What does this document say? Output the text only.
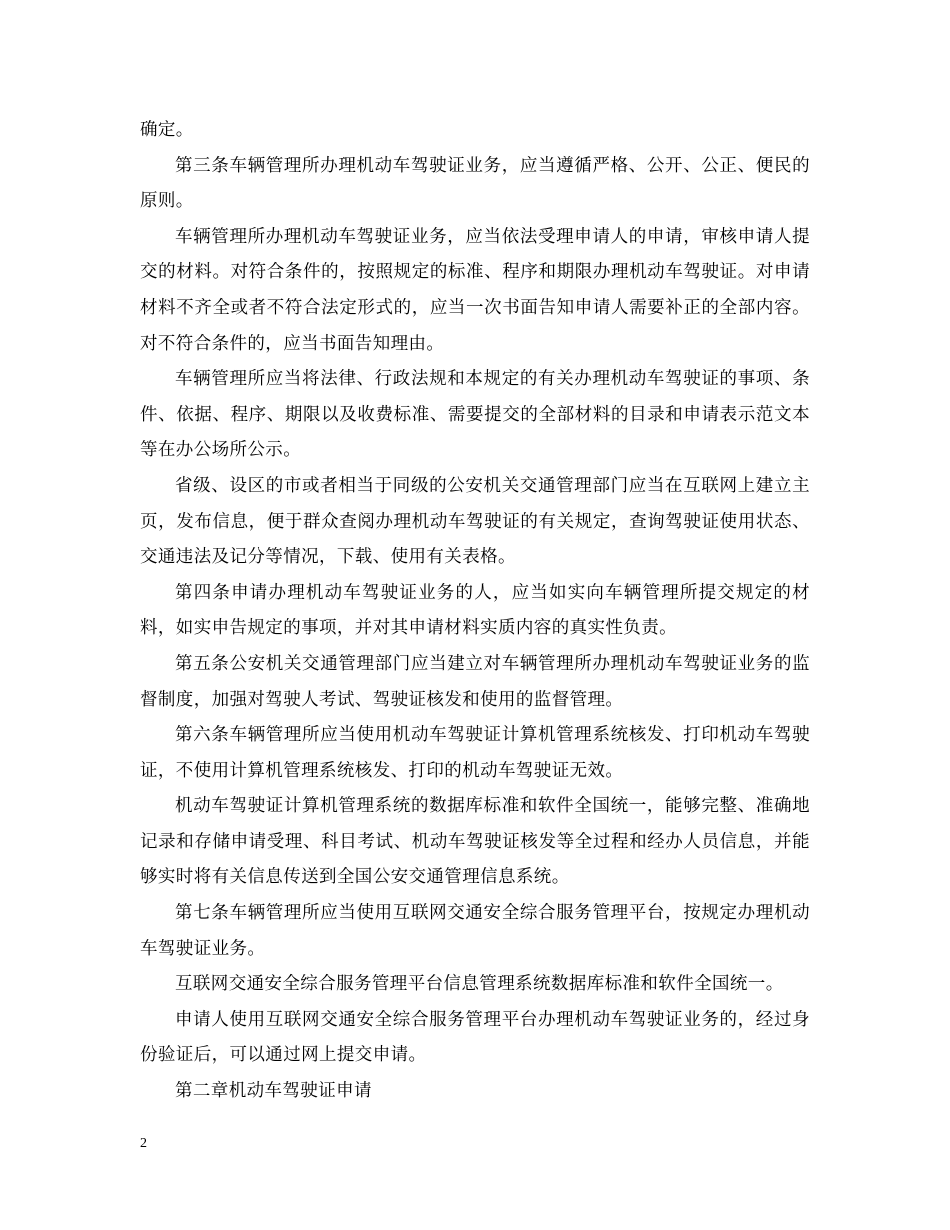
确定。

第三条车辆管理所办理机动车驾驶证业务，应当遵循严格、公开、公正、便民的原则。

车辆管理所办理机动车驾驶证业务，应当依法受理申请人的申请，审核申请人提交的材料。对符合条件的，按照规定的标准、程序和期限办理机动车驾驶证。对申请材料不齐全或者不符合法定形式的，应当一次书面告知申请人需要补正的全部内容。对不符合条件的，应当书面告知理由。

车辆管理所应当将法律、行政法规和本规定的有关办理机动车驾驶证的事项、条件、依据、程序、期限以及收费标准、需要提交的全部材料的目录和申请表示范文本等在办公场所公示。

省级、设区的市或者相当于同级的公安机关交通管理部门应当在互联网上建立主页，发布信息，便于群众查阅办理机动车驾驶证的有关规定，查询驾驶证使用状态、交通违法及记分等情况，下载、使用有关表格。

第四条申请办理机动车驾驶证业务的人，应当如实向车辆管理所提交规定的材料，如实申告规定的事项，并对其申请材料实质内容的真实性负责。

第五条公安机关交通管理部门应当建立对车辆管理所办理机动车驾驶证业务的监督制度，加强对驾驶人考试、驾驶证核发和使用的监督管理。

第六条车辆管理所应当使用机动车驾驶证计算机管理系统核发、打印机动车驾驶证，不使用计算机管理系统核发、打印的机动车驾驶证无效。

机动车驾驶证计算机管理系统的数据库标准和软件全国统一，能够完整、准确地记录和存储申请受理、科目考试、机动车驾驶证核发等全过程和经办人员信息，并能够实时将有关信息传送到全国公安交通管理信息系统。

第七条车辆管理所应当使用互联网交通安全综合服务管理平台，按规定办理机动车驾驶证业务。

互联网交通安全综合服务管理平台信息管理系统数据库标准和软件全国统一。

申请人使用互联网交通安全综合服务管理平台办理机动车驾驶证业务的，经过身份验证后，可以通过网上提交申请。

第二章机动车驾驶证申请

2
